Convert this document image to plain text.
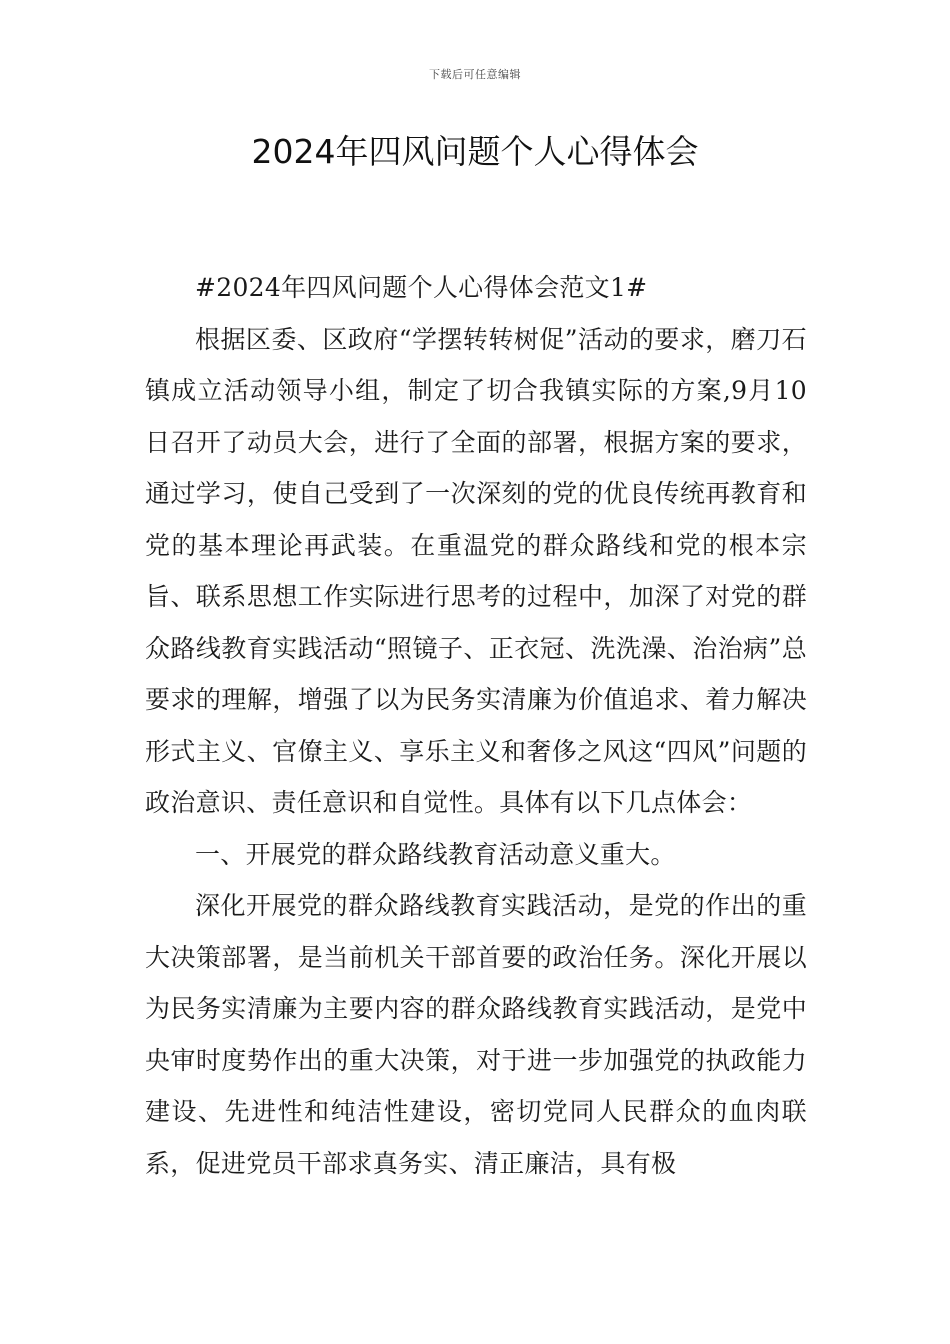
下载后可任意编辑
2024年四风问题个人心得体会

#2024年四风问题个人心得体会范文1#

根据区委、区政府“学摆转转树促”活动的要求，磨刀石镇成立活动领导小组，制定了切合我镇实际的方案,9月10日召开了动员大会，进行了全面的部署，根据方案的要求，通过学习，使自己受到了一次深刻的党的优良传统再教育和党的基本理论再武装。在重温党的群众路线和党的根本宗旨、联系思想工作实际进行思考的过程中，加深了对党的群众路线教育实践活动“照镜子、正衣冠、洗洗澡、治治病”总要求的理解，增强了以为民务实清廉为价值追求、着力解决形式主义、官僚主义、享乐主义和奢侈之风这“四风”问题的政治意识、责任意识和自觉性。具体有以下几点体会：

一、开展党的群众路线教育活动意义重大。

深化开展党的群众路线教育实践活动，是党的作出的重大决策部署，是当前机关干部首要的政治任务。深化开展以为民务实清廉为主要内容的群众路线教育实践活动，是党中央审时度势作出的重大决策，对于进一步加强党的执政能力建设、先进性和纯洁性建设，密切党同人民群众的血肉联系，促进党员干部求真务实、清正廉洁，具有极
